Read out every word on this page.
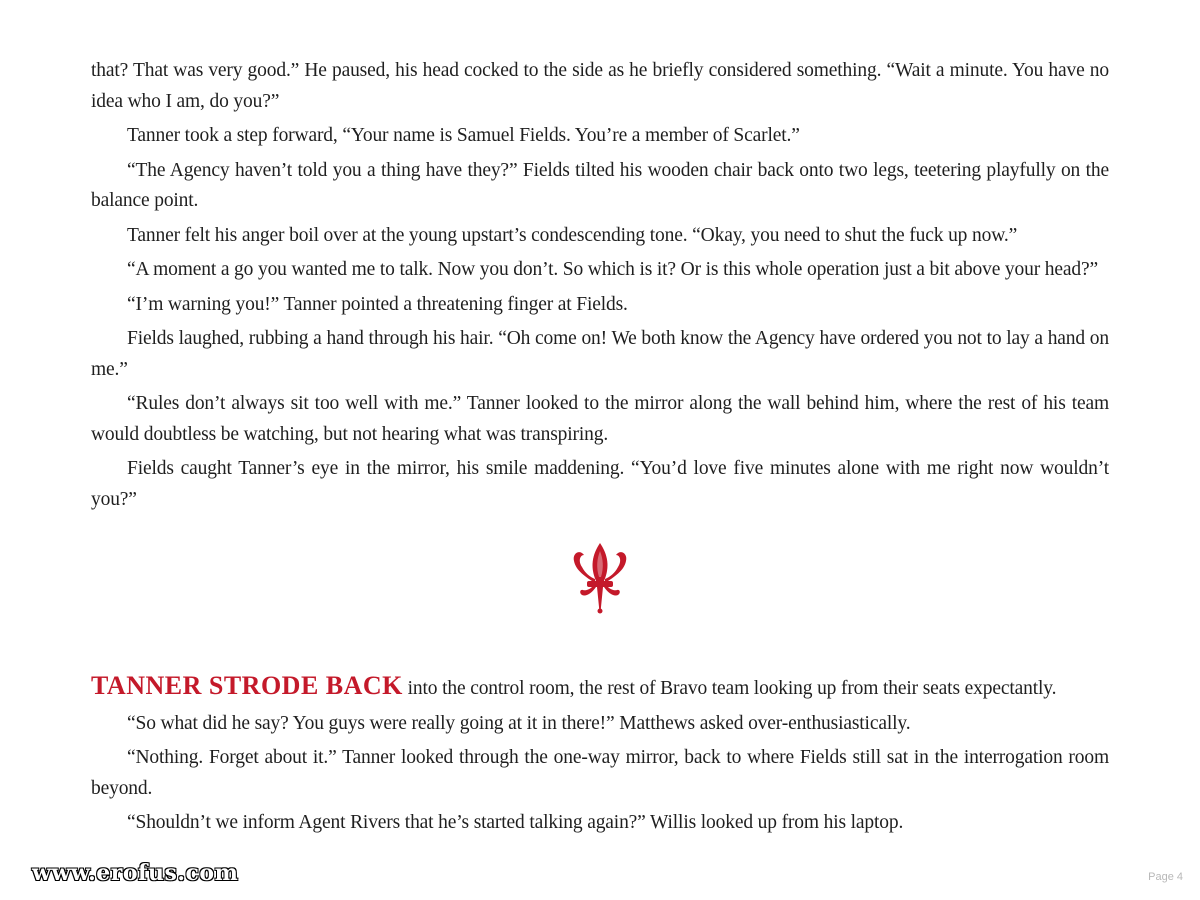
that? That was very good.” He paused, his head cocked to the side as he briefly considered something. “Wait a minute. You have no idea who I am, do you?”

Tanner took a step forward, “Your name is Samuel Fields. You’re a member of Scarlet.”

“The Agency haven’t told you a thing have they?” Fields tilted his wooden chair back onto two legs, teetering playfully on the balance point.

Tanner felt his anger boil over at the young upstart’s condescending tone. “Okay, you need to shut the fuck up now.”

“A moment a go you wanted me to talk. Now you don’t. So which is it? Or is this whole operation just a bit above your head?”

“I’m warning you!” Tanner pointed a threatening finger at Fields.

Fields laughed, rubbing a hand through his hair. “Oh come on! We both know the Agency have ordered you not to lay a hand on me.”

“Rules don’t always sit too well with me.” Tanner looked to the mirror along the wall behind him, where the rest of his team would doubtless be watching, but not hearing what was transpiring.

Fields caught Tanner’s eye in the mirror, his smile maddening. “You’d love five minutes alone with me right now wouldn’t you?”

TANNER STRODE BACK into the control room, the rest of Bravo team looking up from their seats expectantly.

“So what did he say? You guys were really going at it in there!” Matthews asked over-enthusiastically.

“Nothing. Forget about it.” Tanner looked through the one-way mirror, back to where Fields still sat in the interrogation room beyond.

“Shouldn’t we inform Agent Rivers that he’s started talking again?” Willis looked up from his laptop.

www.erofus.com	Page 4
